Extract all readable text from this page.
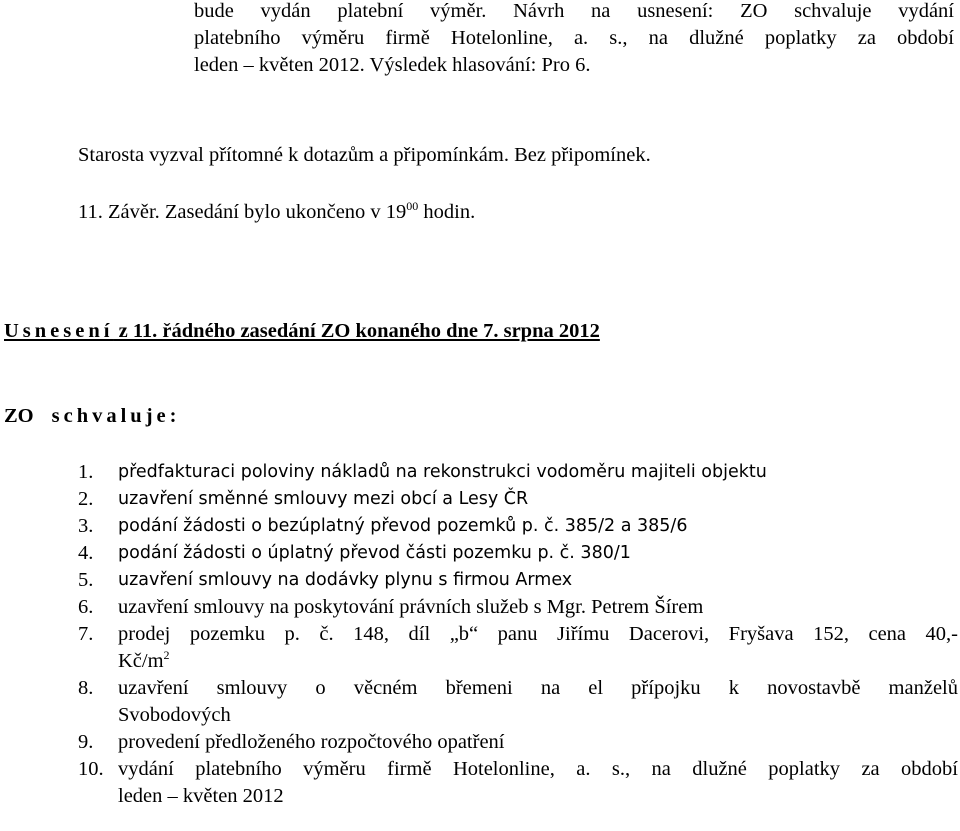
bude vydán platební výměr. Návrh na usnesení: ZO schvaluje vydání

platebního výměru firmě Hotelonline, a. s., na dlužné poplatky za období

leden – květen 2012. Výsledek hlasování: Pro 6.

Starosta vyzval přítomné k dotazům a připomínkám. Bez připomínek.
11. Závěr. Zasedání bylo ukončeno v $19^{00}$ hodin.
Usnesení z 11. řádného zasedání ZO konaného dne 7. srpna 2012
ZO schvaluje:
1.	předfakturaci poloviny nákladů na rekonstrukci vodoměru majiteli objektu
2.	uzavření směnné smlouvy mezi obcí a Lesy ČR
3.	podání žádosti o bezúplatný převod pozemků p. č. 385/2 a 385/6
4.	podání žádosti o úplatný převod části pozemku p. č. 380/1
5.	uzavření smlouvy na dodávky plynu s firmou Armex
6.	uzavření smlouvy na poskytování právních služeb s Mgr. Petrem Šírem
7.	prodej pozemku p. č. 148, díl „b“ panu Jiřímu Dacerovi, Fryšava 152, cena 40,-
$Kč/m^2$
8.	uzavření smlouvy o věcném břemeni na el přípojku k novostavbě manželů
Svobodových
9.	provedení předloženého rozpočtového opatření
10. vydání platebního výměru firmě Hotelonline, a. s., na dlužné poplatky za období
leden – květen 2012
